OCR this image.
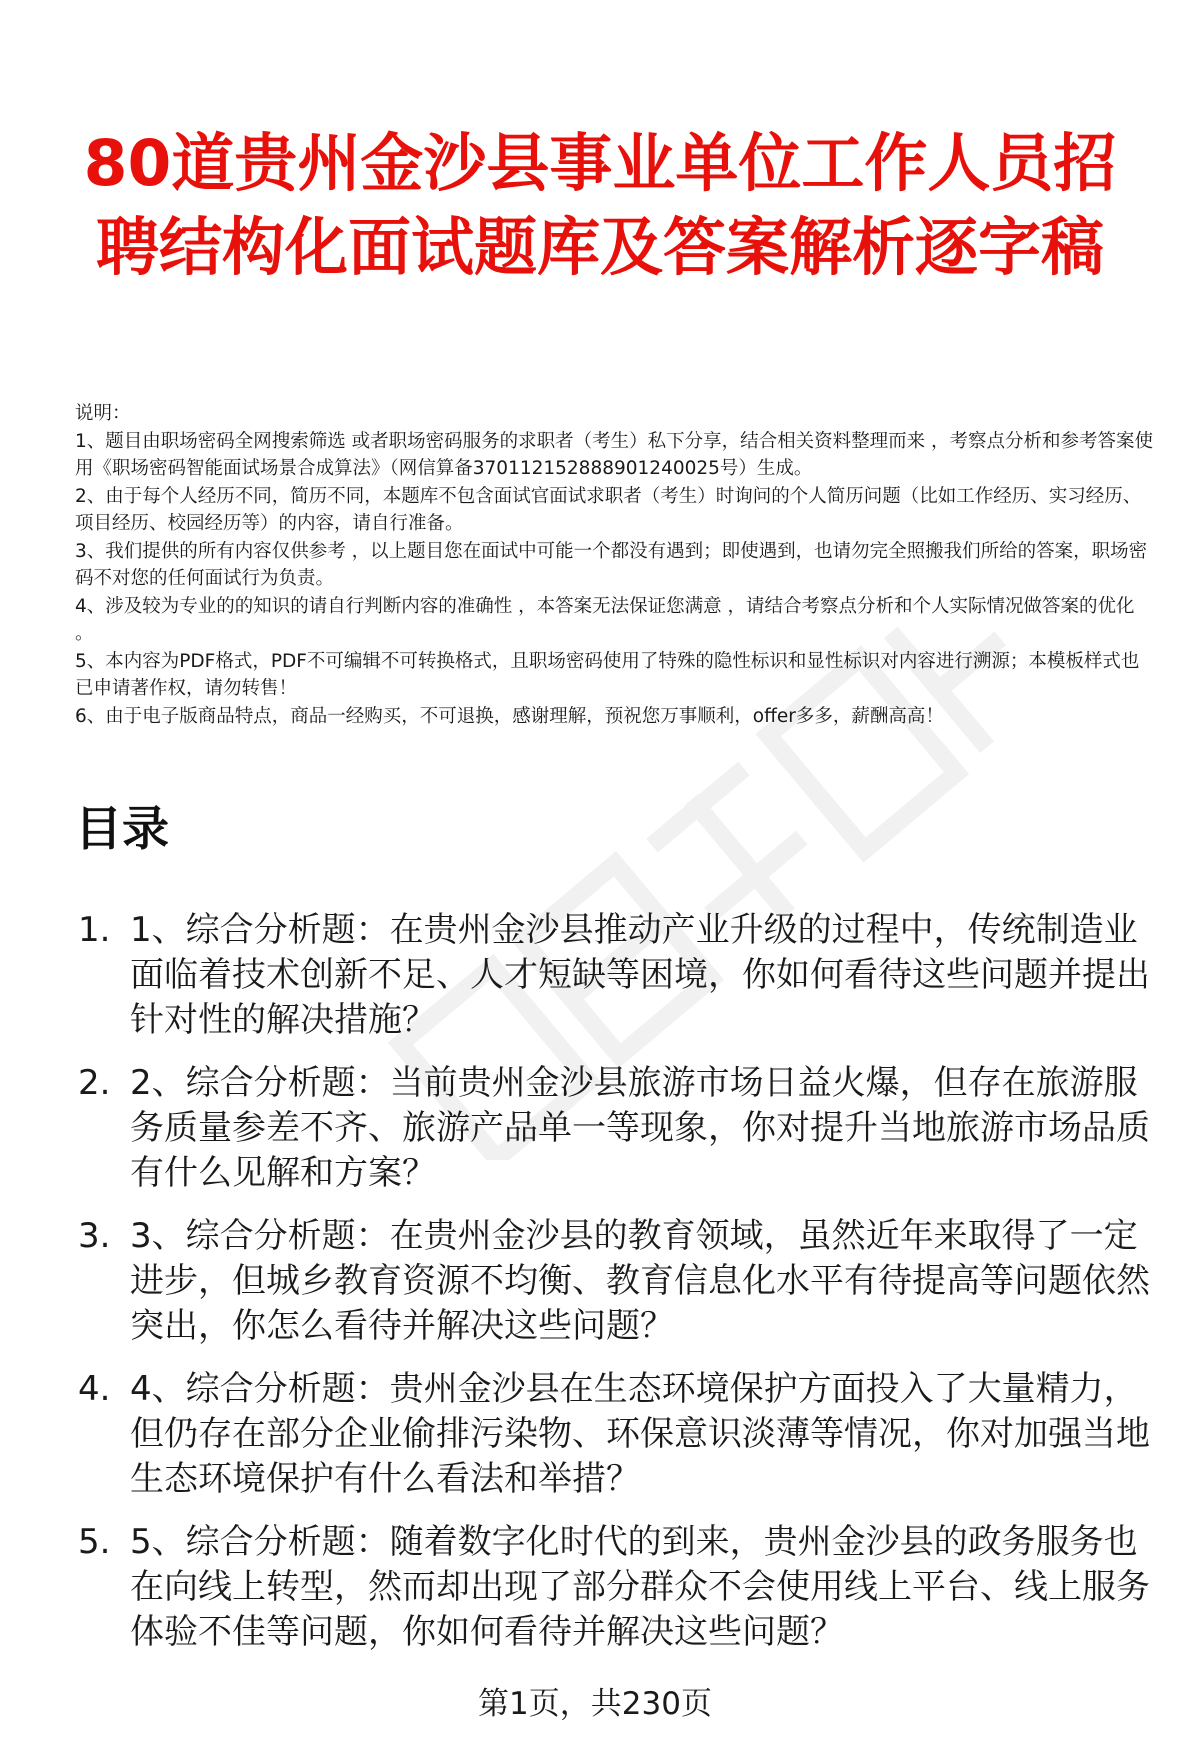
80道贵州金沙县事业单位工作人员招聘结构化面试题库及答案解析逐字稿

说明：

1、题目由职场密码全网搜索筛选 或者职场密码服务的求职者（考生）私下分享，结合相关资料整理而来 ，考察点分析和参考答案使用《职场密码智能面试场景合成算法》（网信算备370112152888901240025号）生成。

2、由于每个人经历不同，简历不同，本题库不包含面试官面试求职者（考生）时询问的个人简历问题（比如工作经历、实习经历、项目经历、校园经历等）的内容，请自行准备。

3、我们提供的所有内容仅供参考 ，以上题目您在面试中可能一个都没有遇到；即使遇到，也请勿完全照搬我们所给的答案，职场密码不对您的任何面试行为负责。

4、涉及较为专业的的知识的请自行判断内容的准确性 ，本答案无法保证您满意 ，请结合考察点分析和个人实际情况做答案的优化 。

5、本内容为PDF格式，PDF不可编辑不可转换格式，且职场密码使用了特殊的隐性标识和显性标识对内容进行溯源；本模板样式也已申请著作权，请勿转售！

6、由于电子版商品特点，商品一经购买，不可退换，感谢理解，预祝您万事顺利，offer多多，薪酬高高！

目录
1. 1、综合分析题：在贵州金沙县推动产业升级的过程中，传统制造业面临着技术创新不足、人才短缺等困境，你如何看待这些问题并提出针对性的解决措施？
2. 2、综合分析题：当前贵州金沙县旅游市场日益火爆，但存在旅游服务质量参差不齐、旅游产品单一等现象，你对提升当地旅游市场品质有什么见解和方案？
3. 3、综合分析题：在贵州金沙县的教育领域，虽然近年来取得了一定进步，但城乡教育资源不均衡、教育信息化水平有待提高等问题依然突出，你怎么看待并解决这些问题？
4. 4、综合分析题：贵州金沙县在生态环境保护方面投入了大量精力，但仍存在部分企业偷排污染物、环保意识淡薄等情况，你对加强当地生态环境保护有什么看法和举措？
5. 5、综合分析题：随着数字化时代的到来，贵州金沙县的政务服务也在向线上转型，然而却出现了部分群众不会使用线上平台、线上服务体验不佳等问题，你如何看待并解决这些问题？
第1页，共230页
